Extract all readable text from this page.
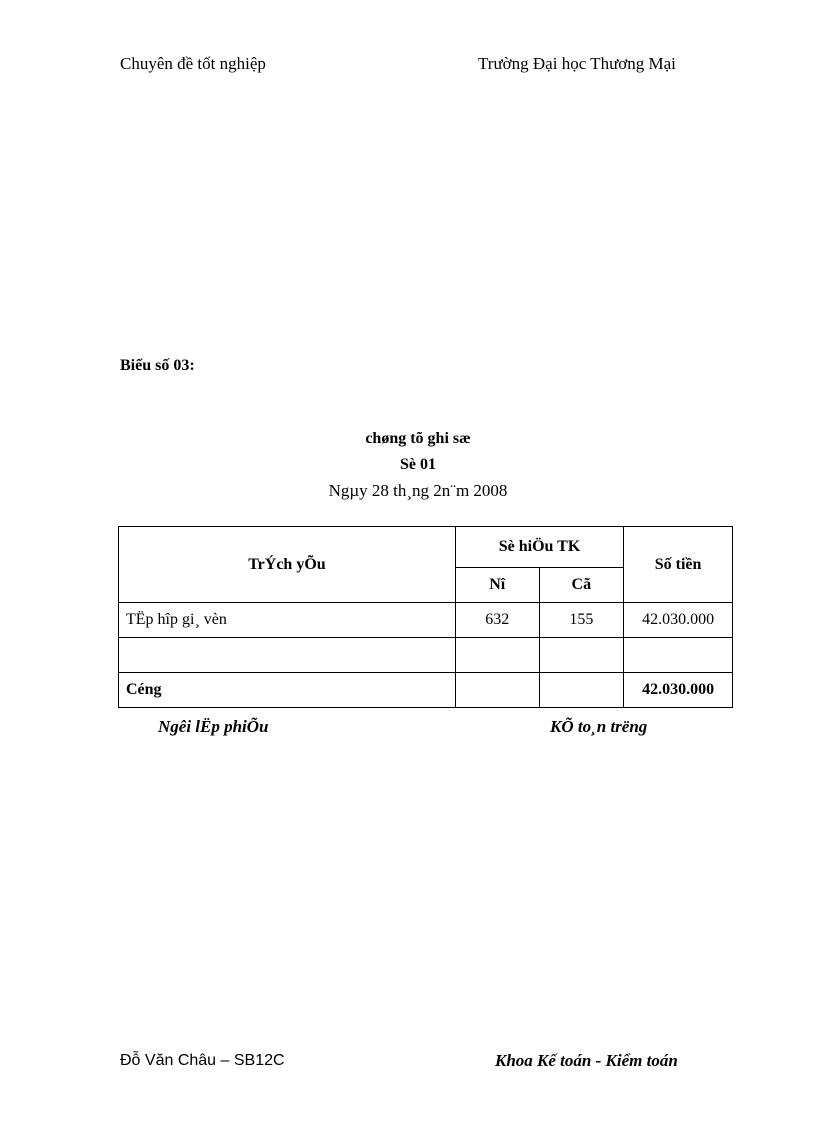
Chuyên đề tốt nghiệp	Trường Đại học Thương Mại
Biểu số 03:
chøng tõ ghi sæ
Sè 01
Ngµy 28 th¸ng 2n¨m 2008
TrÝch yÕu	Sè hiÖu TK		Số tiền
	Nî	Cã	
TËp hîp gi¸ vèn	632	155	42.030.000

Céng			42.030.000
Ngêi lËp phiÕu	KÕ to¸n trëng
Đỗ Văn Châu – SB12C	Khoa Kế toán - Kiểm toán
